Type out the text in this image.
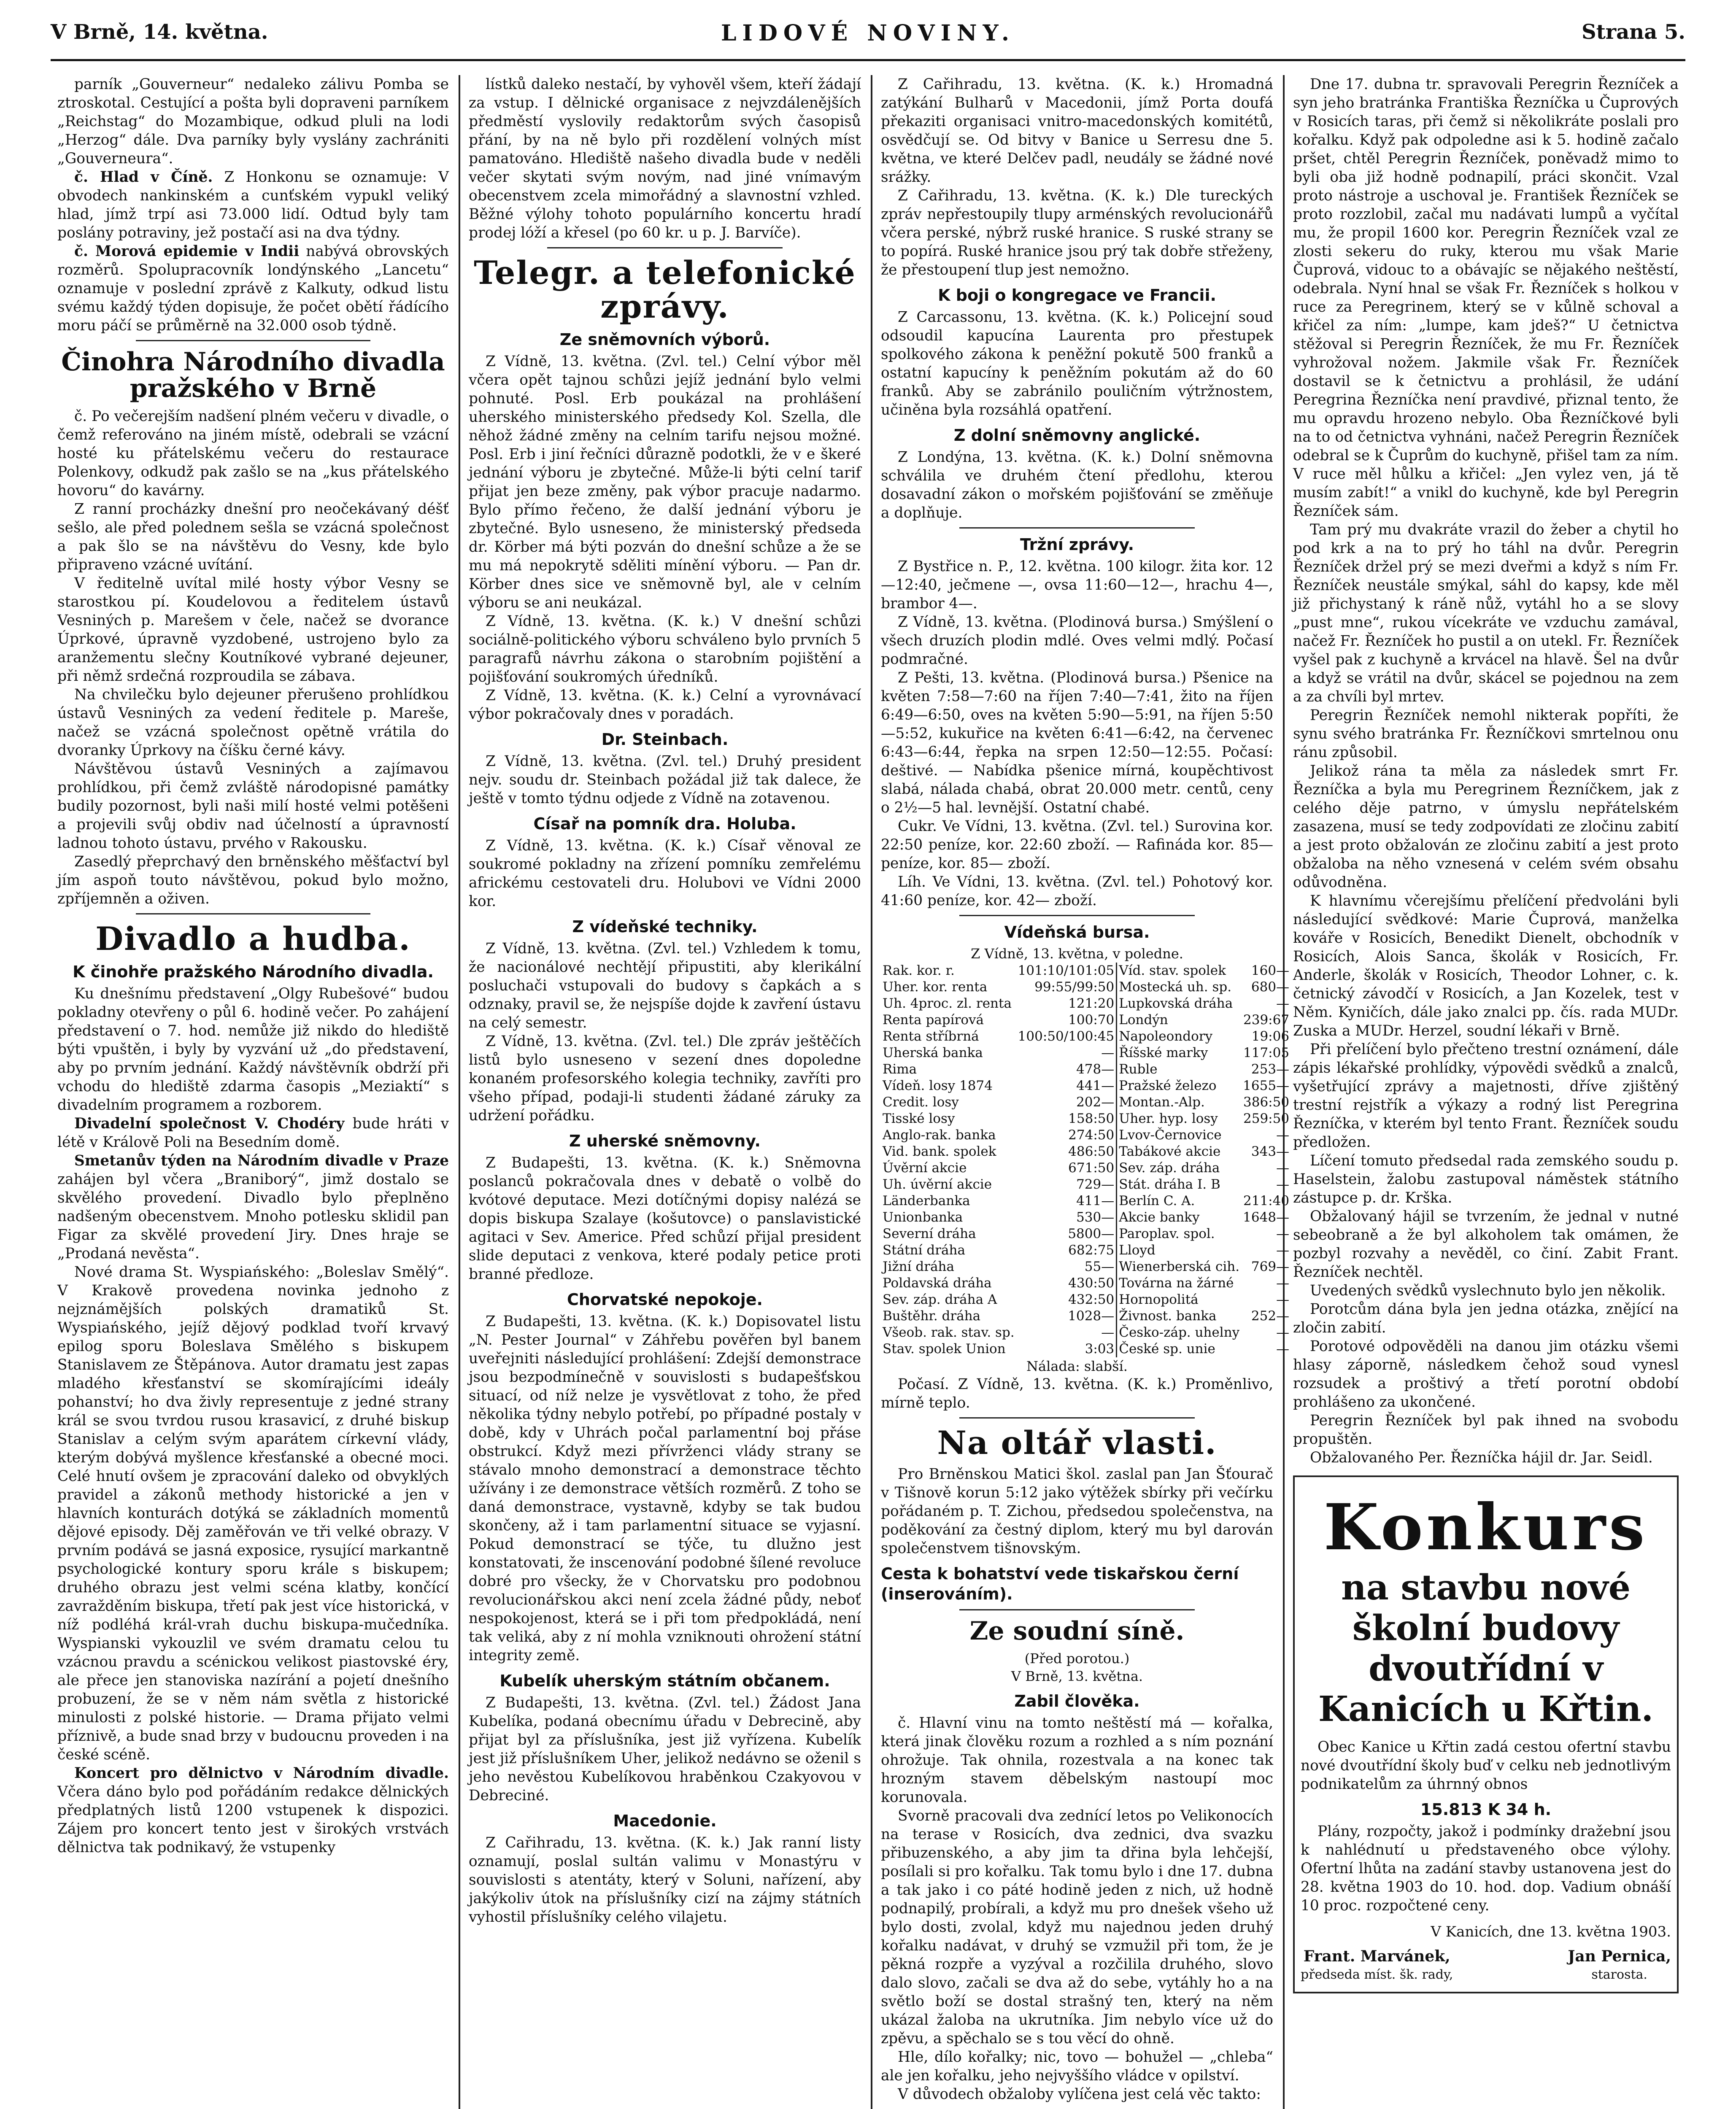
V Brně, 14. května.	LIDOVÉ NOVINY.	Strana 5.

parník „Gouverneur“ nedaleko zálivu Pomba se ztroskotal. Cestující a pošta byli dopraveni parníkem „Reichstag“ do Mozambique, odkud pluli na lodi „Herzog“ dále. Dva parníky byly vyslány zachrániti „Gouverneura“.

č. Hlad v Číně. Z Honkonu se oznamuje: V obvodech nankinském a cunťském vypukl veliký hlad, jímž trpí asi 73.000 lidí. Odtud byly tam poslány potraviny, jež postačí asi na dva týdny.

č. Morová epidemie v Indii nabývá obrovských rozměrů. Spolupracovník londýnského „Lancetu“ oznamuje v poslední zprávě z Kalkuty, odkud listu svému každý týden dopisuje, že počet obětí řádícího moru páčí se průměrně na 32.000 osob týdně.

Činohra Národního divadla pražského v Brně

č. Po večerejším nadšení plném večeru v divadle, o čemž referováno na jiném místě, odebrali se vzácní hosté ku přátelskému večeru do restaurace Polenkovy, odkudž pak zašlo se na „kus přátelského hovoru“ do kavárny.

Z ranní procházky dnešní pro neočekávaný déšť sešlo, ale před polednem sešla se vzácná společnost a pak šlo se na návštěvu do Vesny, kde bylo připraveno vzácné uvítání.

V ředitelně uvítal milé hosty výbor Vesny se starostkou pí. Koudelovou a ředitelem ústavů Vesniných p. Marešem v čele, načež se dvorance Úprkové, úpravně vyzdobené, ustrojeno bylo za aranžementu slečny Koutníkové vybrané dejeuner, při němž srdečná rozproudila se zábava.

Na chvilečku bylo dejeuner přerušeno prohlídkou ústavů Vesniných za vedení ředitele p. Mareše, načež se vzácná společnost opětně vrátila do dvoranky Úprkovy na číšku černé kávy.

Návštěvou ústavů Vesniných a zajímavou prohlídkou, při čemž zvláště národopisné památky budily pozornost, byli naši milí hosté velmi potěšeni a projevili svůj obdiv nad účelností a úpravností ladnou tohoto ústavu, prvého v Rakousku.

Zasedlý přeprchavý den brněnského měšťactví byl jím aspoň touto návštěvou, pokud bylo možno, zpříjemněn a oživen.

Divadlo a hudba.
K činohře pražského Národního divadla.

Ku dnešnímu představení „Olgy Rubešové“ budou pokladny otevřeny o půl 6. hodině večer. Po zahájení představení o 7. hod. nemůže již nikdo do hlediště býti vpuštěn, i byly by vyzvání už „do představení, aby po prvním jednání. Každý návštěvník obdrží při vchodu do hlediště zdarma časopis „Meziaktí“ s divadelním programem a rozborem.

Divadelní společnost V. Chodéry bude hráti v létě v Králově Poli na Besedním domě.

Smetanův týden na Národním divadle v Praze zahájen byl včera „Braniborý“, jimž dostalo se skvělého provedení. Divadlo bylo přeplněno nadšeným obecenstvem. Mnoho potlesku sklidil pan Figar za skvělé provedení Jiry. Dnes hraje se „Prodaná nevěsta“.

Nové drama St. Wyspiańského: „Boleslav Smělý“. V Krakově provedena novinka jednoho z nejznámějších polských dramatiků St. Wyspiańského, jejíž dějový podklad tvoří krvavý epilog sporu Boleslava Smělého s biskupem Stanislavem ze Štěpánova. Autor dramatu jest zapas mladého křesťanství se skomírajícími ideály pohanství; ho dva živly representuje z jedné strany král se svou tvrdou rusou krasavicí, z druhé biskup Stanislav a celým svým aparátem církevní vlády, kterým dobývá myšlence křesťanské a obecné moci. Celé hnutí ovšem je zpracování daleko od obvyklých pravidel a zákonů methody historické a jen v hlavních konturách dotýká se základních momentů dějové episody. Děj zaměřován ve tři velké obrazy. V prvním podává se jasná exposice, rysující markantně psychologické kontury sporu krále s biskupem; druhého obrazu jest velmi scéna klatby, končící zavražděním biskupa, třetí pak jest více historická, v níž podléhá král-vrah duchu biskupa-mučedníka. Wyspianski vykouzlil ve svém dramatu celou tu vzácnou pravdu a scénickou velikost piastovské éry, ale přece jen stanoviska nazírání a pojetí dnešního probuzení, že se v něm nám světla z historické minulosti z polské historie. — Drama přijato velmi příznivě, a bude snad brzy v budoucnu proveden i na české scéně.

Koncert pro dělnictvo v Národním divadle. Včera dáno bylo pod pořádáním redakce dělnických předplatných listů 1200 vstupenek k dispozici. Zájem pro koncert tento jest v širokých vrstvách dělnictva tak podnikavý, že vstupenky

lístků daleko nestačí, by vyhověl všem, kteří žádají za vstup. I dělnické organisace z nejvzdálenějších předměstí vyslovily redaktorům svých časopisů přání, by na ně bylo při rozdělení volných míst pamatováno. Hlediště našeho divadla bude v neděli večer skytati svým novým, nad jiné vnímavým obecenstvem zcela mimořádný a slavnostní vzhled. Běžné výlohy tohoto populárního koncertu hradí prodej lóží a křesel (po 60 kr. u p. J. Barvíče).

Telegr. a telefonické zprávy.
Ze sněmovních výborů.

Z Vídně, 13. května. (Zvl. tel.) Celní výbor měl včera opět tajnou schůzi jejíž jednání bylo velmi pohnuté. Posl. Erb poukázal na prohlášení uherského ministerského předsedy Kol. Szella, dle něhož žádné změny na celním tarifu nejsou možné. Posl. Erb i jiní řečníci důrazně podotkli, že v e škeré jednání výboru je zbytečné. Může-li býti celní tarif přijat jen beze změny, pak výbor pracuje nadarmo. Bylo přímo řečeno, že další jednání výboru je zbytečné. Bylo usneseno, že ministerský předseda dr. Körber má býti pozván do dnešní schůze a že se mu má nepokrytě sděliti mínění výboru. — Pan dr. Körber dnes sice ve sněmovně byl, ale v celním výboru se ani neukázal.

Z Vídně, 13. května. (K. k.) V dnešní schůzi sociálně-politického výboru schváleno bylo prvních 5 paragrafů návrhu zákona o starobním pojištění a pojišťování soukromých úředníků.

Z Vídně, 13. května. (K. k.) Celní a vyrovnávací výbor pokračovaly dnes v poradách.

Dr. Steinbach.

Z Vídně, 13. května. (Zvl. tel.) Druhý president nejv. soudu dr. Steinbach požádal již tak dalece, že ještě v tomto týdnu odjede z Vídně na zotavenou.

Císař na pomník dra. Holuba.

Z Vídně, 13. května. (K. k.) Císař věnoval ze soukromé pokladny na zřízení pomníku zemřelému africkému cestovateli dru. Holubovi ve Vídni 2000 kor.

Z vídeňské techniky.

Z Vídně, 13. května. (Zvl. tel.) Vzhledem k tomu, že nacionálové nechtějí připustiti, aby klerikální posluchači vstupovali do budovy s čapkách a s odznaky, pravil se, že nejspíše dojde k zavření ústavu na celý semestr.

Z Vídně, 13. května. (Zvl. tel.) Dle zpráv ještěčích listů bylo usneseno v sezení dnes dopoledne konaném profesorského kolegia techniky, zavříti pro všeho případ, podaji-li studenti žádané záruky za udržení pořádku.

Z uherské sněmovny.

Z Budapešti, 13. května. (K. k.) Sněmovna poslanců pokračovala dnes v debatě o volbě do kvótové deputace. Mezi dotíčnými dopisy nalézá se dopis biskupa Szalaye (košutovce) o panslavistické agitaci v Sev. Americe. Před schůzí přijal president slide deputaci z venkova, které podaly petice proti branné předloze.

Chorvatské nepokoje.

Z Budapešti, 13. května. (K. k.) Dopisovatel listu „N. Pester Journal“ v Záhřebu pověřen byl banem uveřejniti následující prohlášení: Zdejší demonstrace jsou bezpodmínečně v souvislosti s budapešťskou situací, od níž nelze je vysvětlovat z toho, že před několika týdny nebylo potřebí, po případné postaly v době, kdy v Uhrách počal parlamentní boj přáse obstrukcí. Když mezi přívrženci vlády strany se stávalo mnoho demonstrací a demonstrace těchto užívány i ze demonstrace větších rozměrů. Z toho se daná demonstrace, vystavně, kdyby se tak budou skončeny, až i tam parlamentní situace se vyjasní. Pokud demonstrací se týče, tu dlužno jest konstatovati, že inscenování podobné šílené revoluce dobré pro všecky, že v Chorvatsku pro podobnou revolucionářskou akci není zcela žádné půdy, neboť nespokojenost, která se i při tom předpokládá, není tak veliká, aby z ní mohla vzniknouti ohrožení státní integrity země.

Kubelík uherským státním občanem.

Z Budapešti, 13. května. (Zvl. tel.) Žádost Jana Kubelíka, podaná obecnímu úřadu v Debrecině, aby přijat byl za příslušníka, jest již vyřízena. Kubelík jest již příslušníkem Uher, jelikož nedávno se oženil s jeho nevěstou Kubelíkovou hraběnkou Czakyovou v Debreciné.

Macedonie.

Z Cařihradu, 13. května. (K. k.) Jak ranní listy oznamují, poslal sultán valimu v Monastýru v souvislosti s atentáty, který v Soluni, nařízení, aby jakýkoliv útok na příslušníky cizí na zájmy státních vyhostil příslušníky celého vilajetu.

Z Cařihradu, 13. května. (K. k.) Hromadná zatýkání Bulharů v Macedonii, jímž Porta doufá překaziti organisaci vnitro-macedonských komitétů, osvědčují se. Od bitvy v Banice u Serresu dne 5. května, ve které Delčev padl, neudály se žádné nové srážky.

Z Cařihradu, 13. května. (K. k.) Dle tureckých zpráv nepřestoupily tlupy arménských revolucionářů včera perské, nýbrž ruské hranice. S ruské strany se to popírá. Ruské hranice jsou prý tak dobře střeženy, že přestoupení tlup jest nemožno.

K boji o kongregace ve Francii.

Z Carcassonu, 13. května. (K. k.) Policejní soud odsoudil kapucína Laurenta pro přestupek spolkového zákona k peněžní pokutě 500 franků a ostatní kapucíny k peněžním pokutám až do 60 franků. Aby se zabránilo pouličním výtržnostem, učiněna byla rozsáhlá opatření.

Z dolní sněmovny anglické.

Z Londýna, 13. května. (K. k.) Dolní sněmovna schválila ve druhém čtení předlohu, kterou dosavadní zákon o mořském pojišťování se změňuje a doplňuje.

Tržní zprávy.

Z Bystřice n. P., 12. května. 100 kilogr. žita kor. 12—12:40, ječmene —, ovsa 11:60—12—, hrachu 4—, brambor 4—.

Z Vídně, 13. května. (Plodinová bursa.) Smýšlení o všech druzích plodin mdlé. Oves velmi mdlý. Počasí podmračné.

Z Pešti, 13. května. (Plodinová bursa.) Pšenice na květen 7:58—7:60 na říjen 7:40—7:41, žito na říjen 6:49—6:50, oves na květen 5:90—5:91, na říjen 5:50—5:52, kukuřice na květen 6:41—6:42, na červenec 6:43—6:44, řepka na srpen 12:50—12:55. Počasí: deštivé. — Nabídka pšenice mírná, koupěchtivost slabá, nálada chabá, obrat 20.000 metr. centů, ceny o 2½—5 hal. levnější. Ostatní chabé.

Cukr. Ve Vídni, 13. května. (Zvl. tel.) Surovina kor. 22:50 peníze, kor. 22:60 zboží. — Rafináda kor. 85— peníze, kor. 85— zboží.

Líh. Ve Vídni, 13. května. (Zvl. tel.) Pohotový kor. 41:60 peníze, kor. 42— zboží.

Vídeňská bursa.
Z Vídně, 13. května, v poledne.
Rak. kor. r.	101:10/101:05	Víd. stav. spolek	160—
Uher. kor. renta	99:55/99:50	Mostecká uh. sp.	680—
Uh. 4proc. zl. renta	121:20	Lupkovská dráha	—
Renta papírová	100:70	Londýn	239:67
Renta stříbrná	100:50/100:45	Napoleondory	19:06
Uherská banka	—	Říšské marky	117:05
Rima	478—	Ruble	253—
Vídeň. losy 1874	441—	Pražské železo	1655—
Credit. losy	202—	Montan.-Alp.	386:50
Tisské losy	158:50	Uher. hyp. losy	259:50
Anglo-rak. banka	274:50	Lvov-Černovice	—
Vid. bank. spolek	486:50	Tabákové akcie	343—
Úvěrní akcie	671:50	Sev. záp. dráha	—
Uh. úvěrní akcie	729—	Stát. dráha I. B	—
Länderbanka	411—	Berlín C. A.	211:40
Unionbanka	530—	Akcie banky	1648—
Severní dráha	5800—	Paroplav. spol.	—
Státní dráha	682:75	Lloyd	—
Jižní dráha	55—	Wienerberská cih.	769—
Poldavská dráha	430:50	Továrna na žárné	—
Sev. záp. dráha A	432:50	Hornopolitá	—
Buštěhr. dráha	1028—	Živnost. banka	252—
Všeob. rak. stav. sp.	—	Česko-záp. uhelny	—
Stav. spolek Union	3:03	České sp. unie	—
Nálada: slabší.

Počasí. Z Vídně, 13. května. (K. k.) Proměnlivo, mírně teplo.

Na oltář vlasti.

Pro Brněnskou Matici škol. zaslal pan Jan Šťourač v Tišnově korun 5:12 jako výtěžek sbírky při večírku pořádaném p. T. Zichou, předsedou společenstva, na poděkování za čestný diplom, který mu byl darován společenstvem tišnovským.

Cesta k bohatství vede tiskařskou černí (inserováním).
Ze soudní síně.
(Před porotou.)
V Brně, 13. května.
Zabil člověka.

č. Hlavní vinu na tomto neštěstí má — kořalka, která jinak člověku rozum a rozhled a s ním poznání ohrožuje. Tak ohnila, rozestvala a na konec tak hrozným stavem děbelským nastoupí moc korunovala.

Svorně pracovali dva zednící letos po Velikonocích na terase v Rosicích, dva zednici, dva svazku přibuzenského, a aby jim ta dřina byla lehčejší, posílali si pro kořalku. Tak tomu bylo i dne 17. dubna a tak jako i co páté hodině jeden z nich, už hodně podnapilý, probírali, a když mu pro dnešek všeho už bylo dosti, zvolal, když mu najednou jeden druhý kořalku nadávat, v druhý se vzmužil při tom, že je pěkná rozpře a vyzýval a rozčilila druhého, slovo dalo slovo, začali se dva až do sebe, vytáhly ho a na světlo boží se dostal strašný ten, který na něm ukázal žaloba na ukrutníka. Jim nebylo více už do zpěvu, a spěchalo se s tou věcí do ohně.

Hle, dílo kořalky; nic, tovo — bohužel — „chleba“ ale jen kořalku, jeho nejvyššího vládce v opilství.

V důvodech obžaloby vylíčena jest celá věc takto:

Dne 17. dubna tr. spravovali Peregrin Řezníček a syn jeho bratránka Františka Řezníčka u Čuprových v Rosicích taras, při čemž si několikráte poslali pro kořalku. Když pak odpoledne asi k 5. hodině začalo pršet, chtěl Peregrin Řezníček, poněvadž mimo to byli oba již hodně podnapilí, práci skončit. Vzal proto nástroje a uschoval je. František Řezníček se proto rozzlobil, začal mu nadávati lumpů a vyčítal mu, že propil 1600 kor. Peregrin Řezníček vzal ze zlosti sekeru do ruky, kterou mu však Marie Čuprová, vidouc to a obávajíc se nějakého neštěstí, odebrala. Nyní hnal se však Fr. Řezníček s holkou v ruce za Peregrinem, který se v kůlně schoval a křičel za ním: „lumpe, kam jdeš?“ U četnictva stěžoval si Peregrin Řezníček, že mu Fr. Řezníček vyhrožoval nožem. Jakmile však Fr. Řezníček dostavil se k četnictvu a prohlásil, že udání Peregrina Řezníčka není pravdivé, přiznal tento, že mu opravdu hrozeno nebylo. Oba Řezníčkové byli na to od četnictva vyhnáni, načež Peregrin Řezníček odebral se k Čuprům do kuchyně, přišel tam za ním. V ruce měl hůlku a křičel: „Jen vylez ven, já tě musím zabít!“ a vnikl do kuchyně, kde byl Peregrin Řezníček sám.

Tam prý mu dvakráte vrazil do žeber a chytil ho pod krk a na to prý ho táhl na dvůr. Peregrin Řezníček držel prý se mezi dveřmi a když s ním Fr. Řezníček neustále smýkal, sáhl do kapsy, kde měl již přichystaný k ráně nůž, vytáhl ho a se slovy „pust mne“, rukou vícekráte ve vzduchu zamával, načež Fr. Řezníček ho pustil a on utekl. Fr. Řezníček vyšel pak z kuchyně a krvácel na hlavě. Šel na dvůr a když se vrátil na dvůr, skácel se pojednou na zem a za chvíli byl mrtev.

Peregrin Řezníček nemohl nikterak popříti, že synu svého bratránka Fr. Řezníčkovi smrtelnou onu ránu způsobil.

Jelikož rána ta měla za následek smrt Fr. Řezníčka a byla mu Peregrinem Řezníčkem, jak z celého děje patrno, v úmyslu nepřátelském zasazena, musí se tedy zodpovídati ze zločinu zabití a jest proto obžalován ze zločinu zabití a jest proto obžaloba na něho vznesená v celém svém obsahu odůvodněna.

K hlavnímu včerejšímu přelíčení předvoláni byli následující svědkové: Marie Čuprová, manželka kováře v Rosicích, Benedikt Dienelt, obchodník v Rosicích, Alois Sanca, školák v Rosicích, Fr. Anderle, školák v Rosicích, Theodor Lohner, c. k. četnický závodčí v Rosicích, a Jan Kozelek, test v Něm. Kyničích, dále jako znalci pp. čís. rada MUDr. Zuska a MUDr. Herzel, soudní lékaři v Brně.

Při přelíčení bylo přečteno trestní oznámení, dále zápis lékařské prohlídky, výpovědi svědků a znalců, vyšetřující zprávy a majetnosti, dříve zjištěný trestní rejstřík a výkazy a rodný list Peregrina Řezníčka, v kterém byl tento Frant. Řezníček soudu předložen.

Líčení tomuto předsedal rada zemského soudu p. Haselstein, žalobu zastupoval náměstek státního zástupce p. dr. Krška.

Obžalovaný hájil se tvrzením, že jednal v nutné sebeobraně a že byl alkoholem tak omámen, že pozbyl rozvahy a nevěděl, co činí. Zabit Frant. Řezníček nechtěl.

Uvedených svědků vyslechnuto bylo jen několik.

Porotcům dána byla jen jedna otázka, znějící na zločin zabití.

Porotové odpověděli na danou jim otázku všemi hlasy záporně, následkem čehož soud vynesl rozsudek a proštivý a třetí porotní období prohlášeno za ukončené.

Peregrin Řezníček byl pak ihned na svobodu propuštěn.

Obžalovaného Per. Řezníčka hájil dr. Jar. Seidl.

Konkurs
na stavbu nové školní budovy dvoutřídní v Kanicích u Křtin.

Obec Kanice u Křtin zadá cestou ofertní stavbu nové dvoutřídní školy buď v celku neb jednotlivým podnikatelům za úhrnný obnos

15.813 K 34 h.

Plány, rozpočty, jakož i podmínky dražební jsou k nahlédnutí u představeného obce výlohy. Ofertní lhůta na zadání stavby ustanovena jest do 28. května 1903 do 10. hod. dop. Vadium obnáší 10 proc. rozpočtené ceny.

V Kanicích, dne 13. května 1903.
Frant. Marvánek,
předseda míst. šk. rady,
Jan Pernica,
starosta.
